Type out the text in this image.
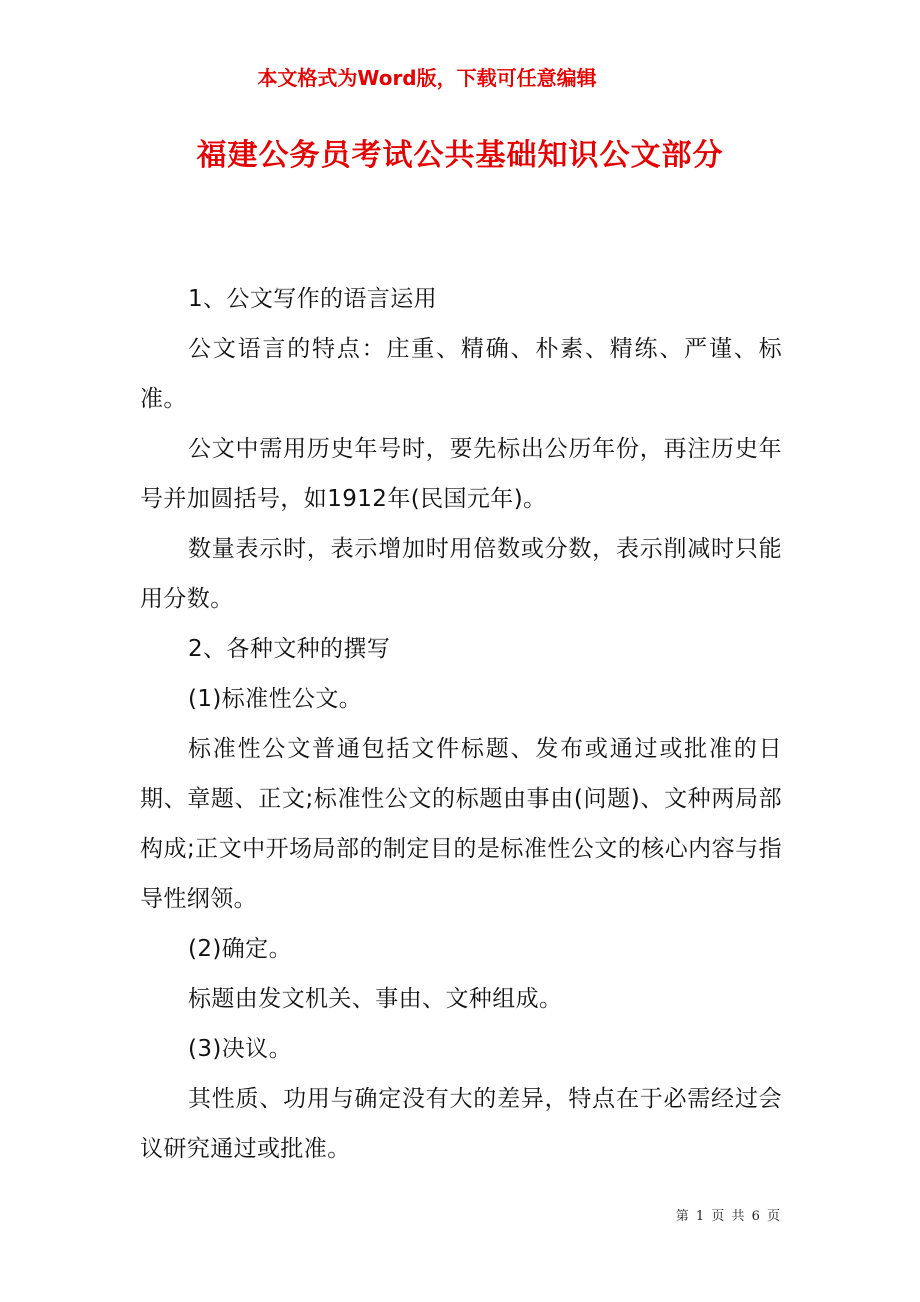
本文格式为Word版，下载可任意编辑
福建公务员考试公共基础知识公文部分

1、公文写作的语言运用

公文语言的特点：庄重、精确、朴素、精练、严谨、标准。

公文中需用历史年号时，要先标出公历年份，再注历史年号并加圆括号，如1912年(民国元年)。

数量表示时，表示增加时用倍数或分数，表示削减时只能用分数。

2、各种文种的撰写

(1)标准性公文。

标准性公文普通包括文件标题、发布或通过或批准的日期、章题、正文;标准性公文的标题由事由(问题)、文种两局部构成;正文中开场局部的制定目的是标准性公文的核心内容与指导性纲领。

(2)确定。

标题由发文机关、事由、文种组成。

(3)决议。

其性质、功用与确定没有大的差异，特点在于必需经过会议研究通过或批准。

第 1 页 共 6 页
